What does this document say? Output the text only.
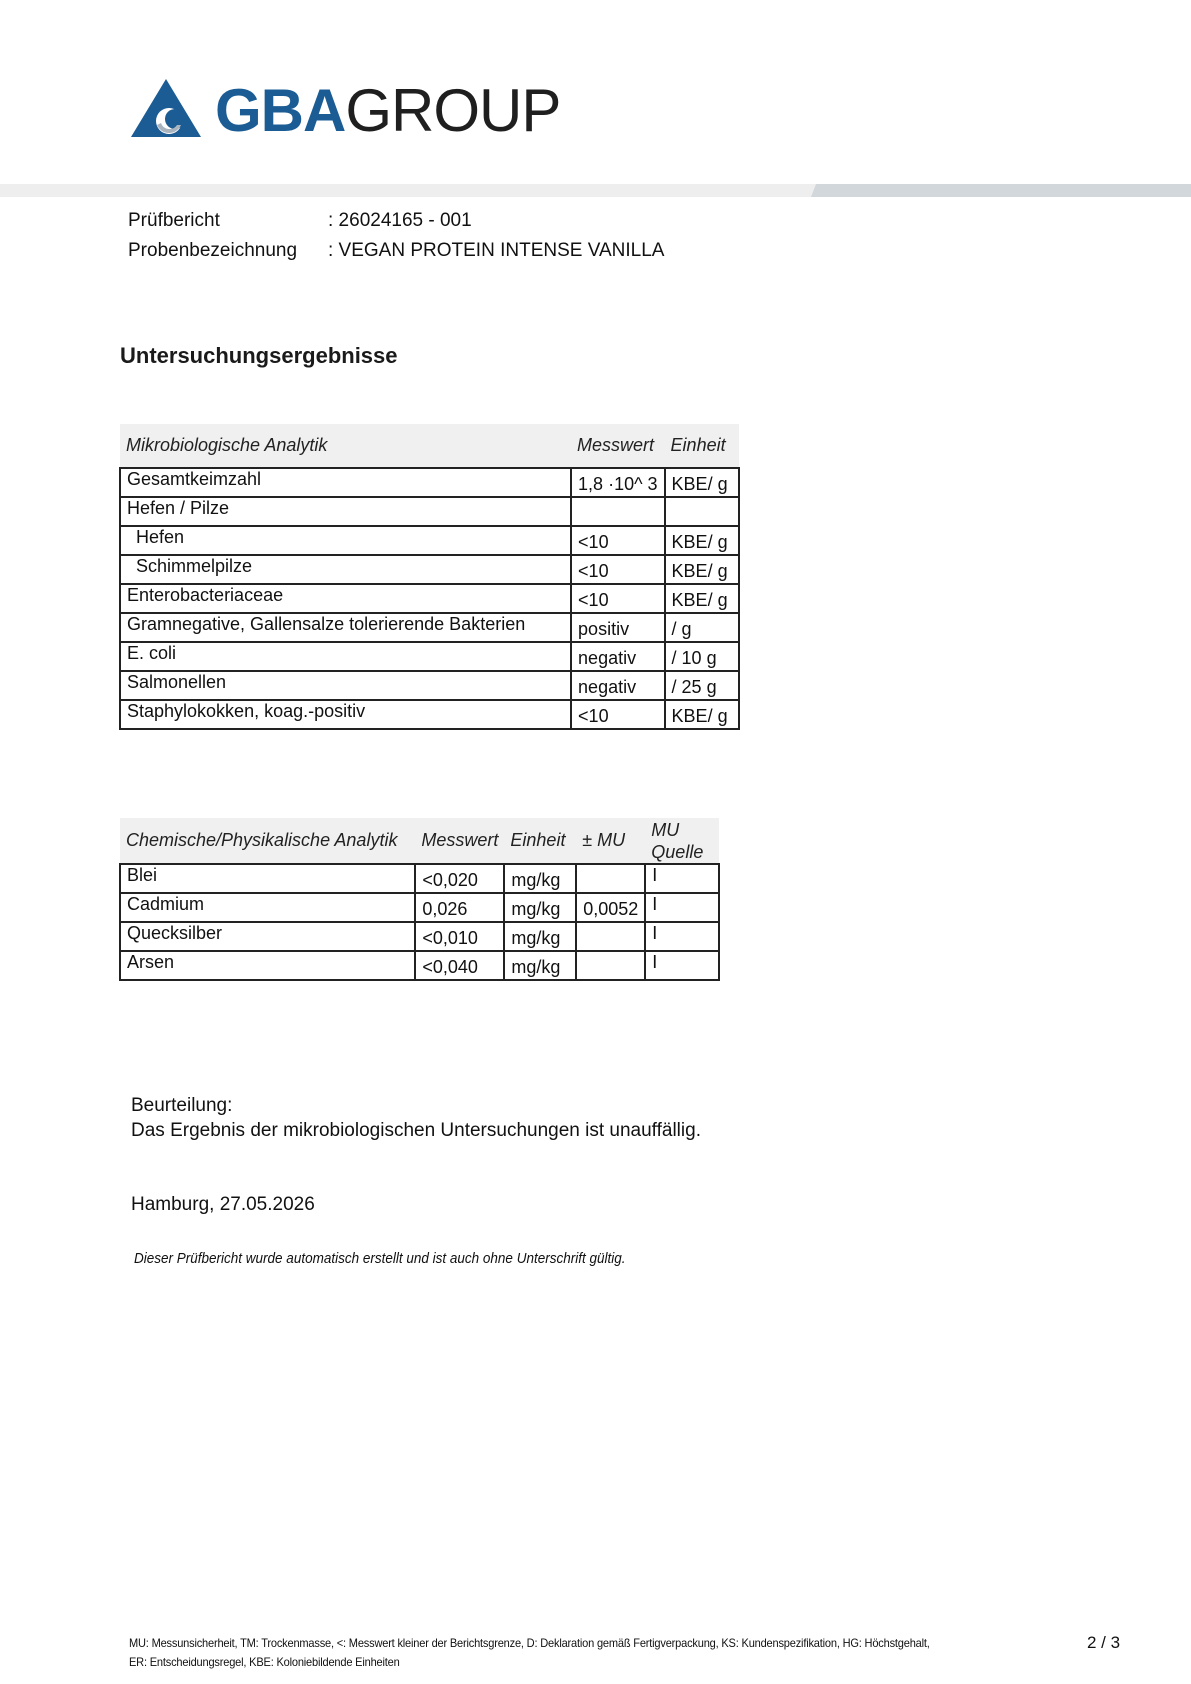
GBAGROUP
Prüfbericht	: 26024165 - 001
Probenbezeichnung : VEGAN PROTEIN INTENSE VANILLA
Untersuchungsergebnisse
Mikrobiologische Analytik	Messwert	Einheit
Gesamtkeimzahl	1,8 ·10^ 3	KBE/ g
Hefen / Pilze		
Hefen	<10	KBE/ g
Schimmelpilze	<10	KBE/ g
Enterobacteriaceae	<10	KBE/ g
Gramnegative, Gallensalze tolerierende Bakterien	positiv	/ g
E. coli	negativ	/ 10 g
Salmonellen	negativ	/ 25 g
Staphylokokken, koag.-positiv	<10	KBE/ g
Chemische/Physikalische Analytik	Messwert	Einheit	± MU	MU Quelle
Blei	<0,020	mg/kg		I
Cadmium	0,026	mg/kg	0,0052	I
Quecksilber	<0,010	mg/kg		I
Arsen	<0,040	mg/kg		I
Beurteilung:
Das Ergebnis der mikrobiologischen Untersuchungen ist unauffällig.
Hamburg, 27.05.2026
Dieser Prüfbericht wurde automatisch erstellt und ist auch ohne Unterschrift gültig.
MU: Messunsicherheit, TM: Trockenmasse, <: Messwert kleiner der Berichtsgrenze, D: Deklaration gemäß Fertigverpackung, KS: Kundenspezifikation, HG: Höchstgehalt,
ER: Entscheidungsregel, KBE: Koloniebildende Einheiten
2 / 3
